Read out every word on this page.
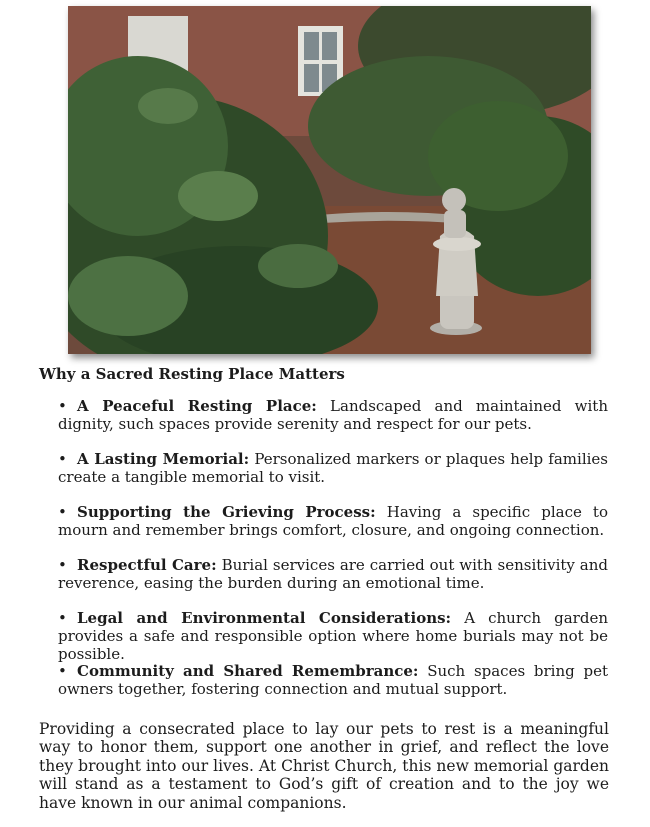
Why a Sacred Resting Place Matters
• A Peaceful Resting Place: Landscaped and maintained with dignity, such spaces provide serenity and respect for our pets.
• A Lasting Memorial: Personalized markers or plaques help families create a tangible memorial to visit.
• Supporting the Grieving Process: Having a specific place to mourn and remember brings comfort, closure, and ongoing connection.
• Respectful Care: Burial services are carried out with sensitivity and reverence, easing the burden during an emotional time.
• Legal and Environmental Considerations: A church garden provides a safe and responsible option where home burials may not be possible.
• Community and Shared Remembrance: Such spaces bring pet owners together, fostering connection and mutual support.

Providing a consecrated place to lay our pets to rest is a meaningful way to honor them, support one another in grief, and reflect the love they brought into our lives. At Christ Church, this new memorial garden will stand as a testament to God’s gift of creation and to the joy we have known in our animal companions.
